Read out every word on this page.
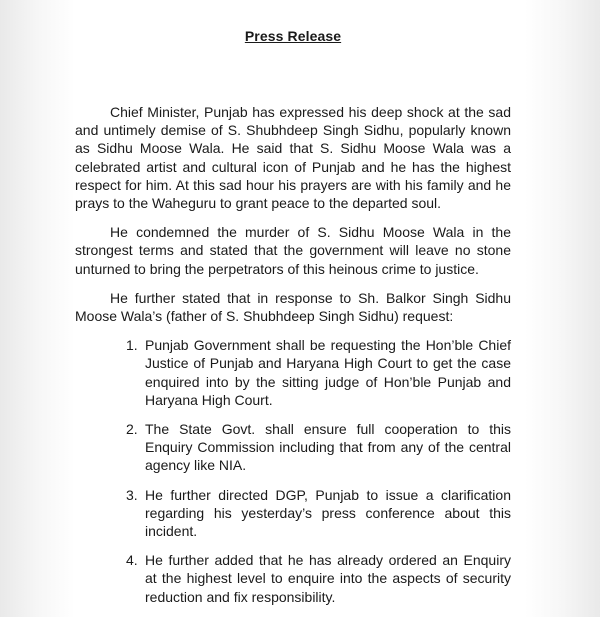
Press Release

Chief Minister, Punjab has expressed his deep shock at the sad and untimely demise of S. Shubhdeep Singh Sidhu, popularly known as Sidhu Moose Wala. He said that S. Sidhu Moose Wala was a celebrated artist and cultural icon of Punjab and he has the highest respect for him. At this sad hour his prayers are with his family and he prays to the Waheguru to grant peace to the departed soul.

He condemned the murder of S. Sidhu Moose Wala in the strongest terms and stated that the government will leave no stone unturned to bring the perpetrators of this heinous crime to justice.

He further stated that in response to Sh. Balkor Singh Sidhu Moose Wala’s (father of S. Shubhdeep Singh Sidhu) request:

1. Punjab Government shall be requesting the Hon’ble Chief Justice of Punjab and Haryana High Court to get the case enquired into by the sitting judge of Hon’ble Punjab and Haryana High Court.
2. The State Govt. shall ensure full cooperation to this Enquiry Commission including that from any of the central agency like NIA.
3. He further directed DGP, Punjab to issue a clarification regarding his yesterday’s press conference about this incident.
4. He further added that he has already ordered an Enquiry at the highest level to enquire into the aspects of security reduction and fix responsibility.
